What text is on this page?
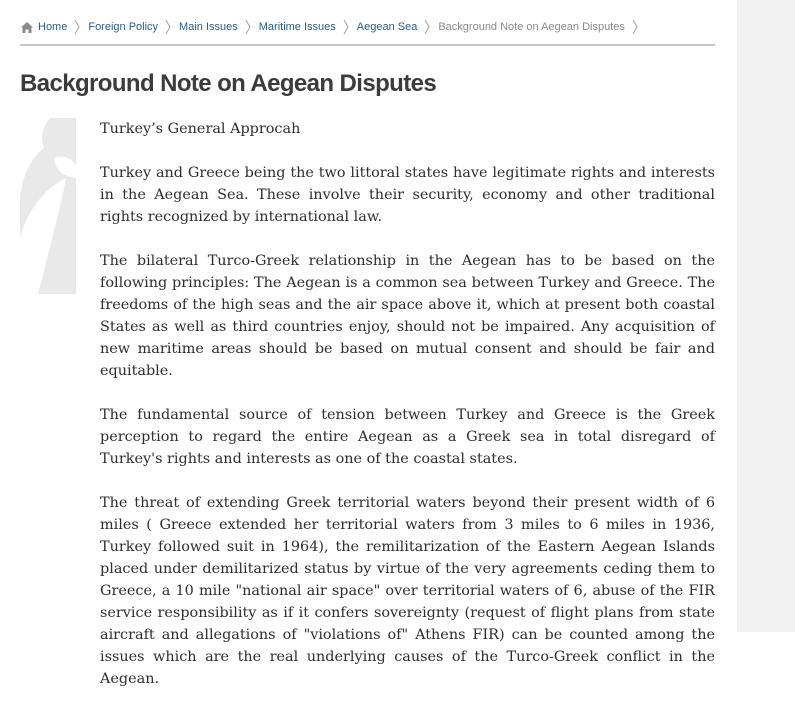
Home Foreign Policy Main Issues Maritime Issues Aegean Sea Background Note on Aegean Disputes
Background Note on Aegean Disputes

Turkey’s General Approcah

Turkey and Greece being the two littoral states have legitimate rights and interests in the Aegean Sea. These involve their security, economy and other traditional rights recognized by international law.

The bilateral Turco-Greek relationship in the Aegean has to be based on the following principles: The Aegean is a common sea between Turkey and Greece. The freedoms of the high seas and the air space above it, which at present both coastal States as well as third countries enjoy, should not be impaired. Any acquisition of new maritime areas should be based on mutual consent and should be fair and equitable.

The fundamental source of tension between Turkey and Greece is the Greek perception to regard the entire Aegean as a Greek sea in total disregard of Turkey's rights and interests as one of the coastal states.

The threat of extending Greek territorial waters beyond their present width of 6 miles ( Greece extended her territorial waters from 3 miles to 6 miles in 1936, Turkey followed suit in 1964), the remilitarization of the Eastern Aegean Islands placed under demilitarized status by virtue of the very agreements ceding them to Greece, a 10 mile "national air space" over territorial waters of 6, abuse of the FIR service responsibility as if it confers sovereignty (request of flight plans from state aircraft and allegations of "violations of" Athens FIR) can be counted among the issues which are the real underlying causes of the Turco-Greek conflict in the Aegean.
